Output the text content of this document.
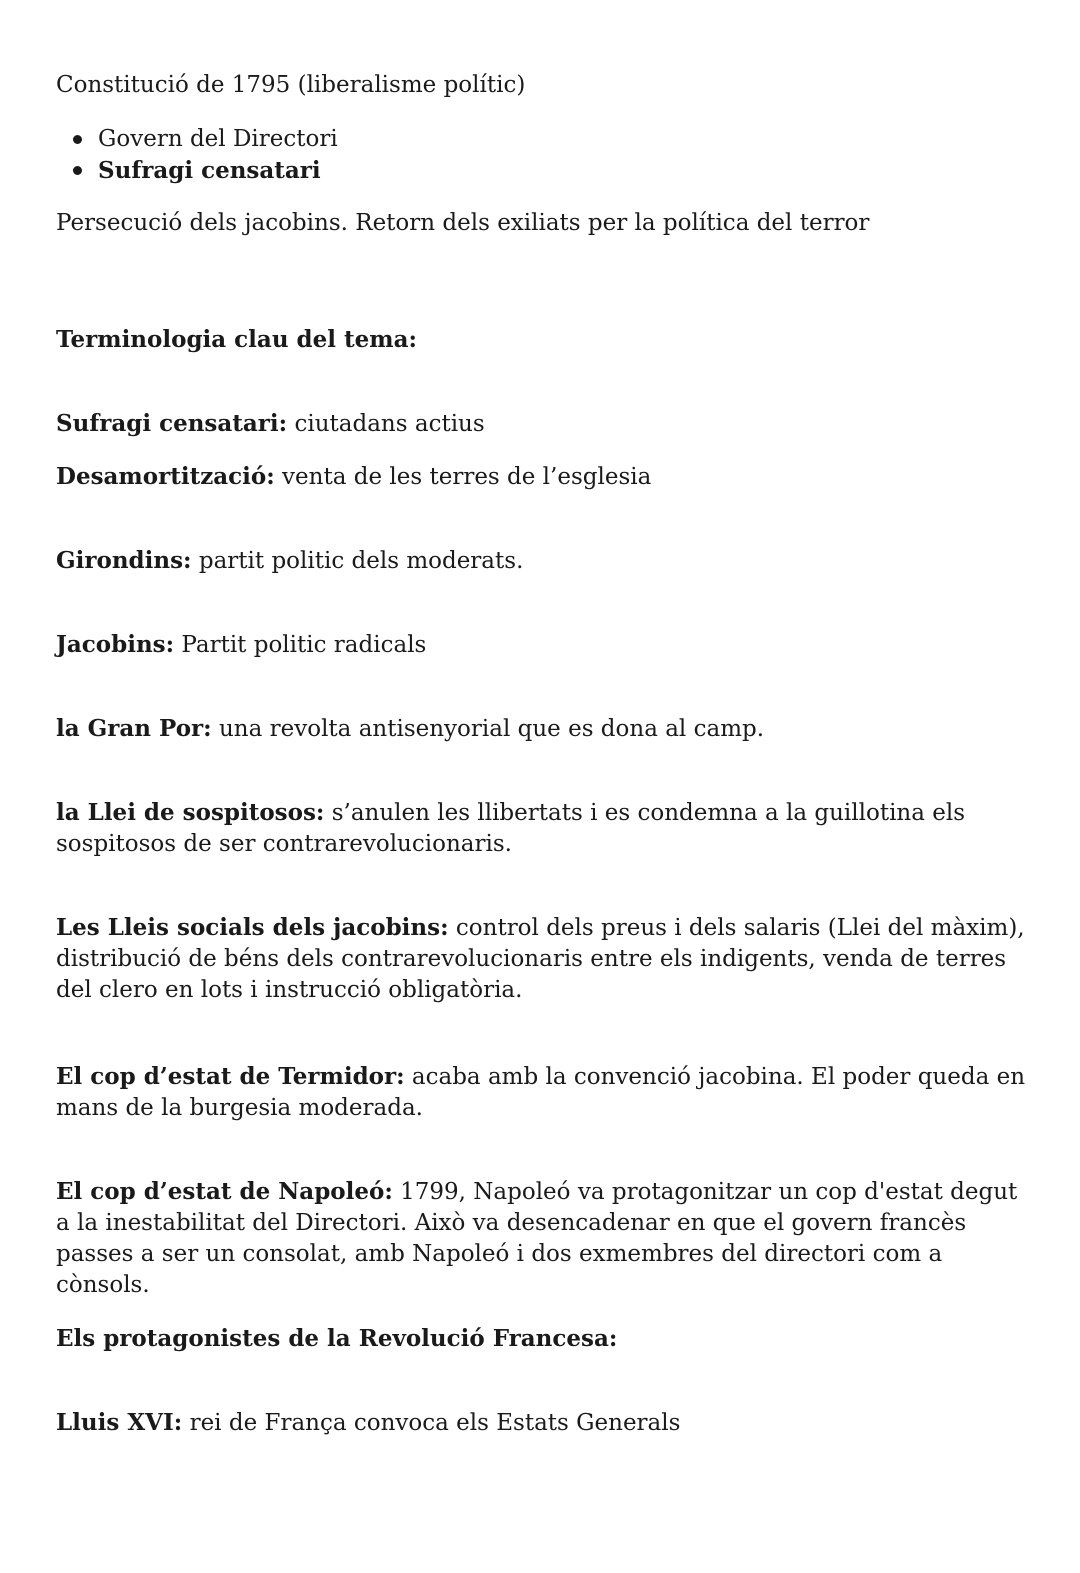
Constitució de 1795 (liberalisme polític)
Govern del Directori
Sufragi censatari
Persecució dels jacobins. Retorn dels exiliats per la política del terror
Terminologia clau del tema:
Sufragi censatari: ciutadans actius
Desamortització: venta de les terres de l’esglesia
Girondins: partit politic dels moderats.
Jacobins: Partit politic radicals
la Gran Por: una revolta antisenyorial que es dona al camp.
la Llei de sospitosos: s’anulen les llibertats i es condemna a la guillotina els sospitosos de ser contrarevolucionaris.
Les Lleis socials dels jacobins: control dels preus i dels salaris (Llei del màxim), distribució de béns dels contrarevolucionaris entre els indigents, venda de terres del clero en lots i instrucció obligatòria.
El cop d’estat de Termidor: acaba amb la convenció jacobina. El poder queda en mans de la burgesia moderada.
El cop d’estat de Napoleó: 1799, Napoleó va protagonitzar un cop d'estat degut a la inestabilitat del Directori. Això va desencadenar en que el govern francès passes a ser un consolat, amb Napoleó i dos exmembres del directori com a cònsols.
Els protagonistes de la Revolució Francesa:
Lluis XVI: rei de França convoca els Estats Generals
